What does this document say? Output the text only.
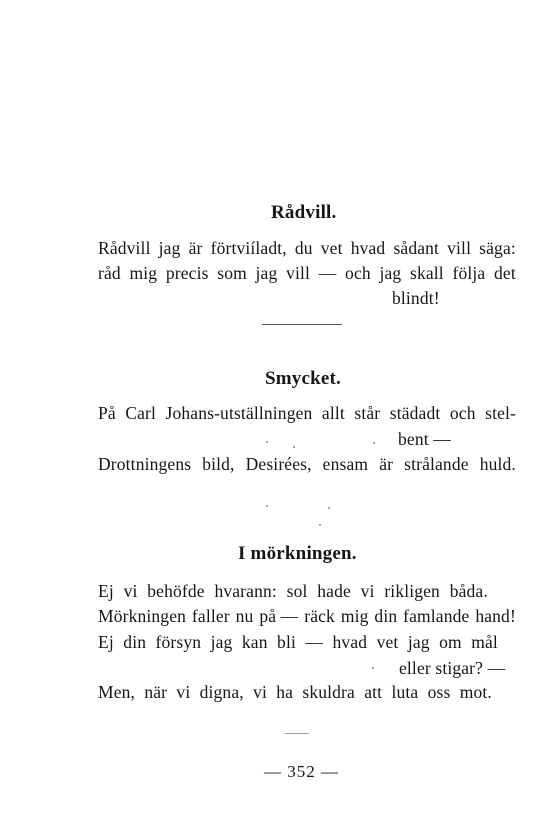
Rådvill.
Rådvill jag är förtviíladt, du vet hvad sådant vill säga:
råd mig precis som jag vill — och jag skall följa det
blindt!
Smycket.
På Carl Johans-utställningen allt står städadt och stel-
bent —
Drottningens bild, Desirées, ensam är strålande huld.
I mörkningen.
Ej vi behöfde hvarann: sol hade vi rikligen båda.
Mörkningen faller nu på — räck mig din famlande hand!
Ej din försyn jag kan bli — hvad vet jag om mål
eller stigar? —
Men, när vi digna, vi ha skuldra att luta oss mot.
— 352 —
